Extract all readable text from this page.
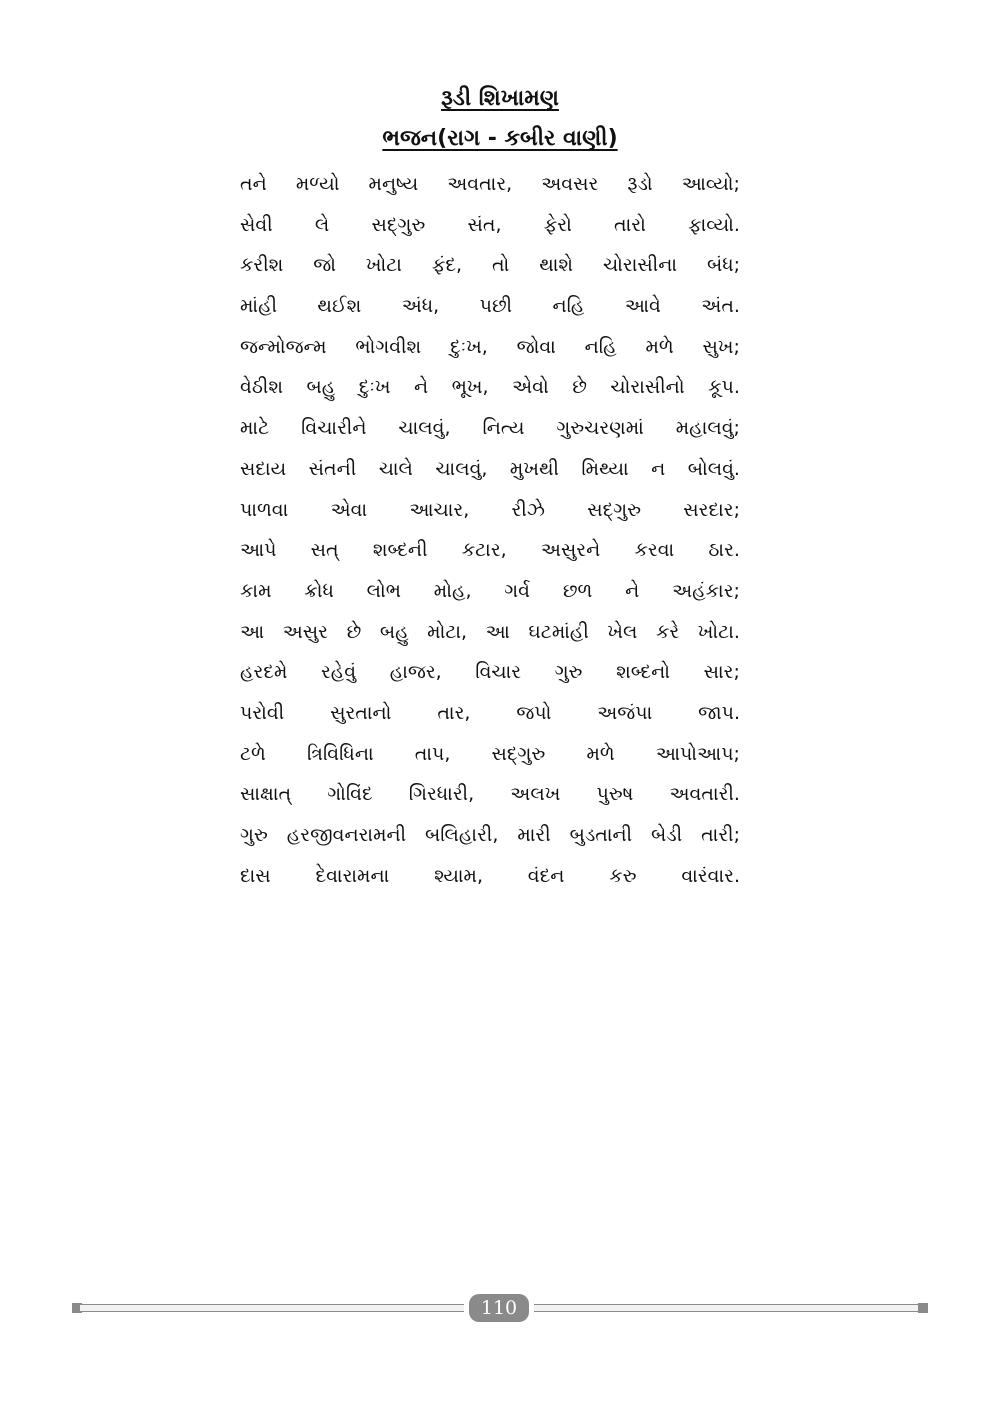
રૂડી શિખામણ
ભજન(રાગ - કબીર વાણી)
તને મળ્યો મનુષ્ય અવતાર, અવસર રૂડો આવ્યો;
સેવી લે સદ્ગુરુ સંત, ફેરો તારો ફાવ્યો.
કરીશ જો ખોટા ફંદ, તો થાશે ચોરાસીના બંધ;
માંહી થઈશ અંધ, પછી નહિ આવે અંત.
જન્મોજન્મ ભોગવીશ દુઃખ, જોવા નહિ મળે સુખ;
વેઠીશ બહુ દુઃખ ને ભૂખ, એવો છે ચોરાસીનો કૂપ.
માટે વિચારીને ચાલવું, નિત્ય ગુરુચરણમાં મહાલવું;
સદાય સંતની ચાલે ચાલવું, મુખથી મિથ્યા ન બોલવું.
પાળવા એવા આચાર, રીઝે સદ્ગુરુ સરદાર;
આપે સત્ શબ્દની કટાર, અસુરને કરવા ઠાર.
કામ ક્રોધ લોભ મોહ, ગર્વ છળ ને અહંકાર;
આ અસુર છે બહુ મોટા, આ ઘટમાંહી ખેલ કરે ખોટા.
હરદમે રહેવું હાજર, વિચાર ગુરુ શબ્દનો સાર;
પરોવી સુરતાનો તાર, જપો અજંપા જાપ.
ટળે ત્રિવિધિના તાપ, સદ્ગુરુ મળે આપોઆપ;
સાક્ષાત્ ગોવિંદ ગિરધારી, અલખ પુરુષ અવતારી.
ગુરુ હરજીવનરામની બલિહારી, મારી બુડતાની બેડી તારી;
દાસ દેવારામના શ્યામ, વંદન કરુ વારંવાર.
110
